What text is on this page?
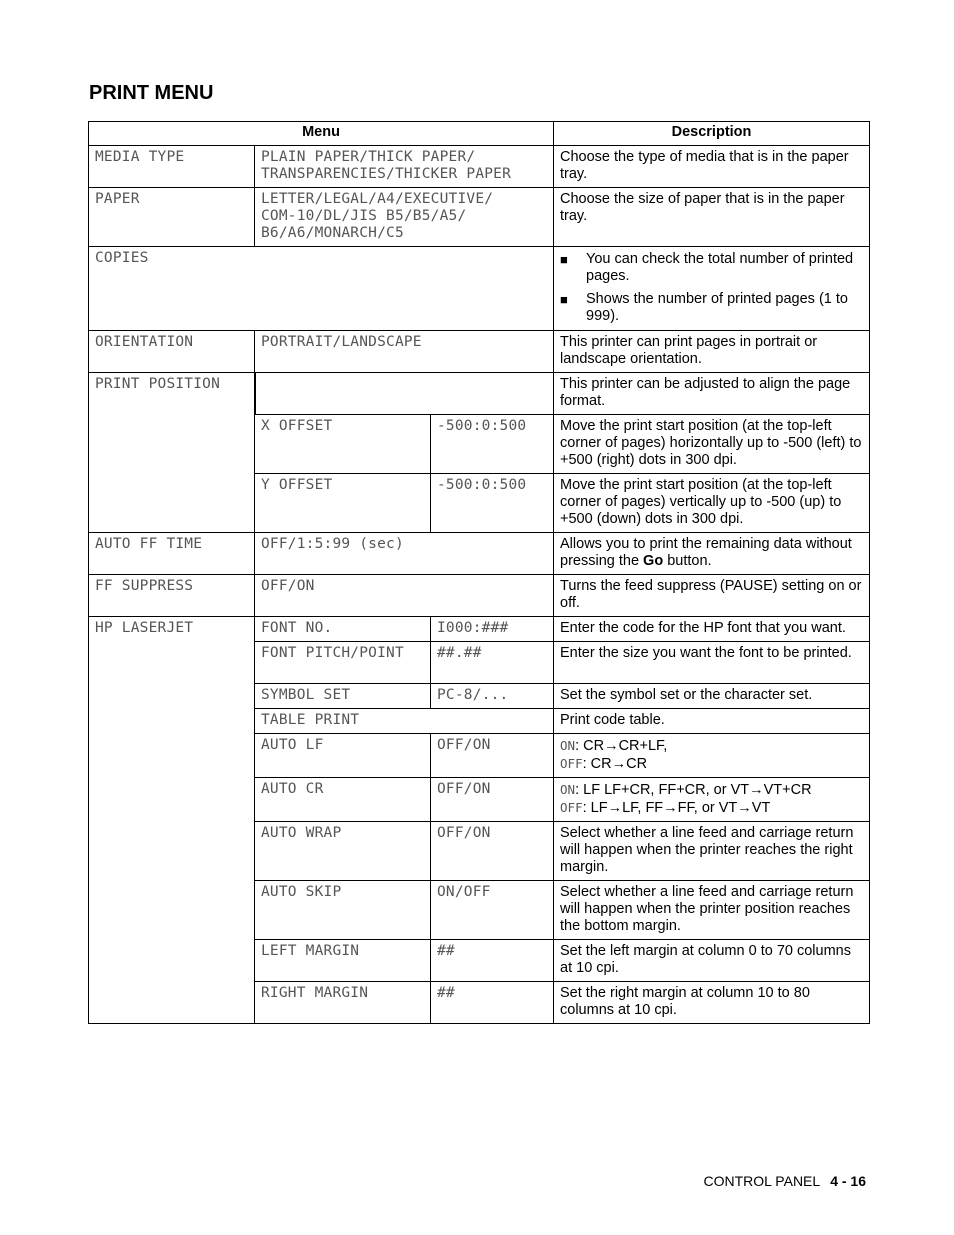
PRINT MENU
Menu			Description
MEDIA TYPE	PLAIN PAPER/THICK PAPER/
TRANSPARENCIES/THICKER PAPER		Choose the type of media that is in the paper tray.
PAPER	LETTER/LEGAL/A4/EXECUTIVE/
COM-10/DL/JIS B5/B5/A5/
B6/A6/MONARCH/C5		Choose the size of paper that is in the paper tray.
COPIES			■ You can check the total number of printed pages.
■ Shows the number of printed pages (1 to 999).

ORIENTATION	PORTRAIT/LANDSCAPE		This printer can print pages in portrait or landscape orientation.
PRINT POSITION			This printer can be adjusted to align the page format.
	X OFFSET	-500:0:500	Move the print start position (at the top-left corner of pages) horizontally up to -500 (left) to +500 (right) dots in 300 dpi.
	Y OFFSET	-500:0:500	Move the print start position (at the top-left corner of pages) vertically up to -500 (up) to +500 (down) dots in 300 dpi.
AUTO FF TIME	OFF/1:5:99 (sec)		Allows you to print the remaining data without pressing the Go button.
FF SUPPRESS	OFF/ON		Turns the feed suppress (PAUSE) setting on or off.
HP LASERJET	FONT NO.	I000:###	Enter the code for the HP font that you want.
	FONT PITCH/POINT	##.##	Enter the size you want the font to be printed.
	SYMBOL SET	PC-8/...	Set the symbol set or the character set.
	TABLE PRINT		Print code table.
	AUTO LF	OFF/ON	ON: CR→CR+LF,
OFF: CR→CR

	AUTO CR	OFF/ON	ON: LF LF+CR, FF+CR, or VT→VT+CR
OFF: LF→LF, FF→FF, or VT→VT

	AUTO WRAP	OFF/ON	Select whether a line feed and carriage return will happen when the printer reaches the right margin.
	AUTO SKIP	ON/OFF	Select whether a line feed and carriage return will happen when the printer position reaches the bottom margin.
	LEFT MARGIN	##	Set the left margin at column 0 to 70 columns at 10 cpi.
	RIGHT MARGIN	##	Set the right margin at column 10 to 80 columns at 10 cpi.
CONTROL PANEL 4 - 16
